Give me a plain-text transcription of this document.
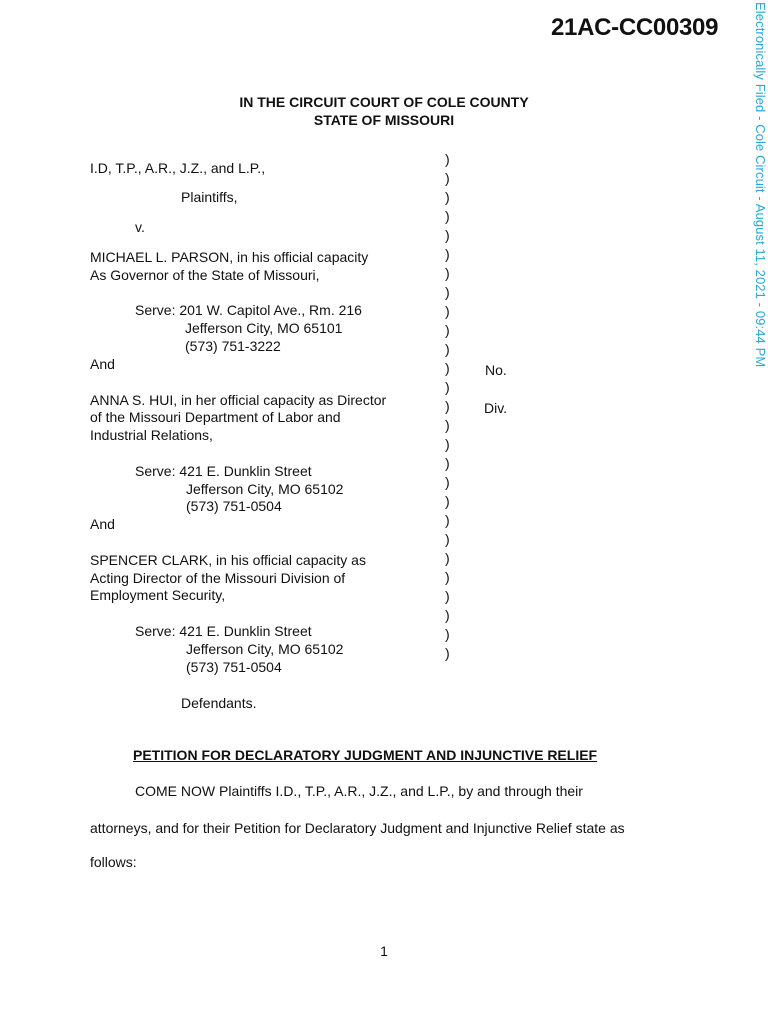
21AC-CC00309	Electronically Filed - Cole Circuit - August 11, 2021 - 09:44 PM
IN THE CIRCUIT COURT OF COLE COUNTY
STATE OF MISSOURI
)
)
)
)
)
)
)
)
)
)
)
)
)
)
)
)
)
)
)
)
)
)
)
)
)
)
)
I.D, T.P., A.R., J.Z., and L.P.,
Plaintiffs,
v.
MICHAEL L. PARSON, in his official capacity
As Governor of the State of Missouri,
Serve: 201 W. Capitol Ave., Rm. 216
Jefferson City, MO 65101
(573) 751-3222
And	No.
ANNA S. HUI, in her official capacity as Director	Div.
of the Missouri Department of Labor and
Industrial Relations,
Serve: 421 E. Dunklin Street
Jefferson City, MO 65102
(573) 751-0504
And
SPENCER CLARK, in his official capacity as
Acting Director of the Missouri Division of
Employment Security,
Serve: 421 E. Dunklin Street
Jefferson City, MO 65102
(573) 751-0504
Defendants.
PETITION FOR DECLARATORY JUDGMENT AND INJUNCTIVE RELIEF
COME NOW Plaintiffs I.D., T.P., A.R., J.Z., and L.P., by and through their
attorneys, and for their Petition for Declaratory Judgment and Injunctive Relief state as
follows:
1
